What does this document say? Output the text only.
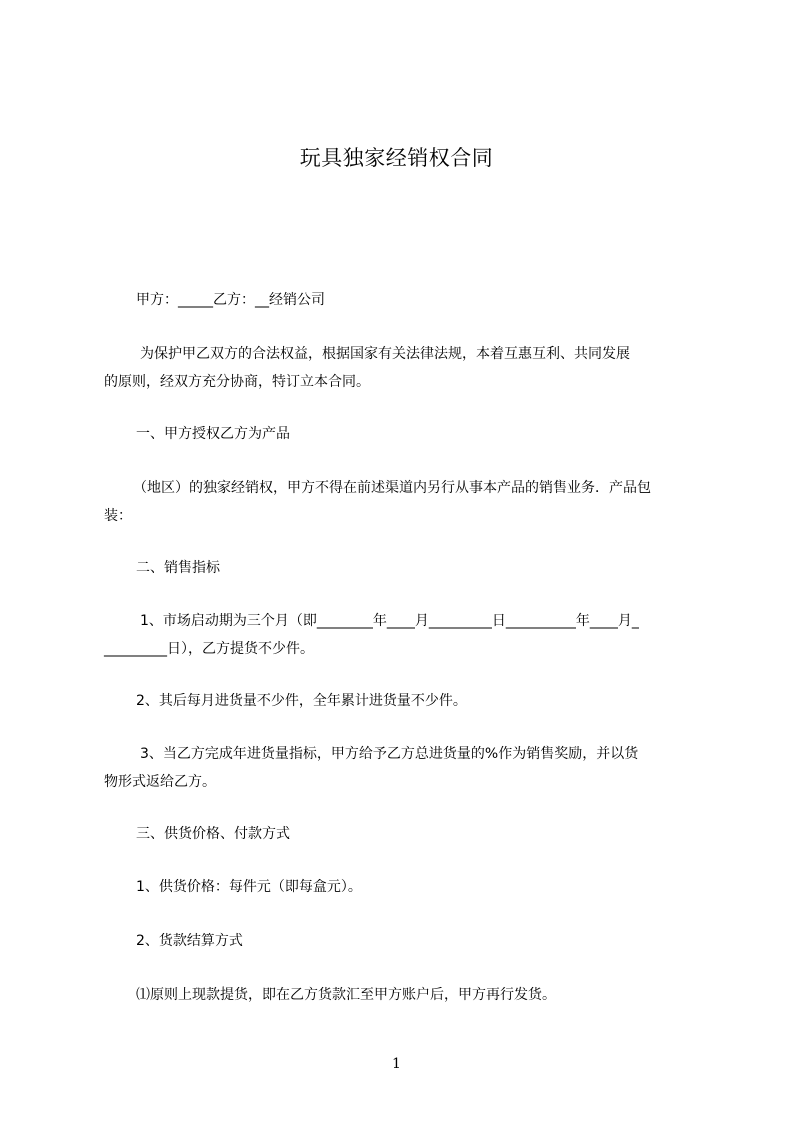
玩具独家经销权合同
甲方：_____乙方：__经销公司
为保护甲乙双方的合法权益，根据国家有关法律法规，本着互惠互利、共同发展
的原则，经双方充分协商，特订立本合同。
一、甲方授权乙方为产品
（地区）的独家经销权，甲方不得在前述渠道内另行从事本产品的销售业务．产品包
装：
二、销售指标
1、市场启动期为三个月（即________年____月_________日__________年____月_
_________日），乙方提货不少件。
2、其后每月进货量不少件，全年累计进货量不少件。
3、当乙方完成年进货量指标，甲方给予乙方总进货量的%作为销售奖励，并以货
物形式返给乙方。
三、供货价格、付款方式
1、供货价格：每件元（即每盒元）。
2、货款结算方式
⑴原则上现款提货，即在乙方货款汇至甲方账户后，甲方再行发货。
1
